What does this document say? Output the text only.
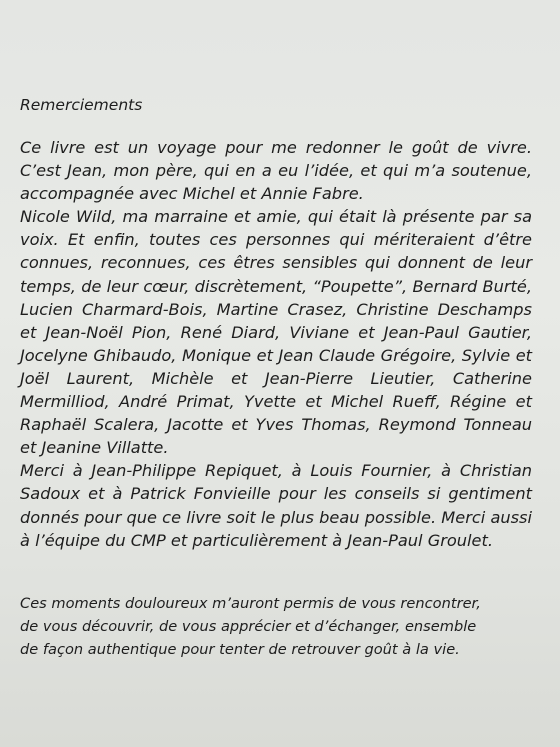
Remerciements

Ce livre est un voyage pour me redonner le goût de vivre. C’est Jean, mon père, qui en a eu l’idée, et qui m’a soutenue, accompagnée avec Michel et Annie Fabre.

Nicole Wild, ma marraine et amie, qui était là présente par sa voix. Et enfin, toutes ces personnes qui mériteraient d’être connues, reconnues, ces êtres sensibles qui donnent de leur temps, de leur cœur, discrètement, “Poupette”, Bernard Burté, Lucien Charmard-Bois, Martine Crasez, Christine Deschamps et Jean-Noël Pion, René Diard, Viviane et Jean-Paul Gautier, Jocelyne Ghibaudo, Monique et Jean Claude Grégoire, Sylvie et Joël Laurent, Michèle et Jean-Pierre Lieutier, Catherine Mermilliod, André Primat, Yvette et Michel Rueff, Régine et Raphaël Scalera, Jacotte et Yves Thomas, Reymond Tonneau et Jeanine Villatte.

Merci à Jean-Philippe Repiquet, à Louis Fournier, à Christian Sadoux et à Patrick Fonvieille pour les conseils si gentiment donnés pour que ce livre soit le plus beau possible. Merci aussi à l’équipe du CMP et particulièrement à Jean-Paul Groulet.

Ces moments douloureux m’auront permis de vous rencontrer,

de vous découvrir, de vous apprécier et d’échanger, ensemble

de façon authentique pour tenter de retrouver goût à la vie.
